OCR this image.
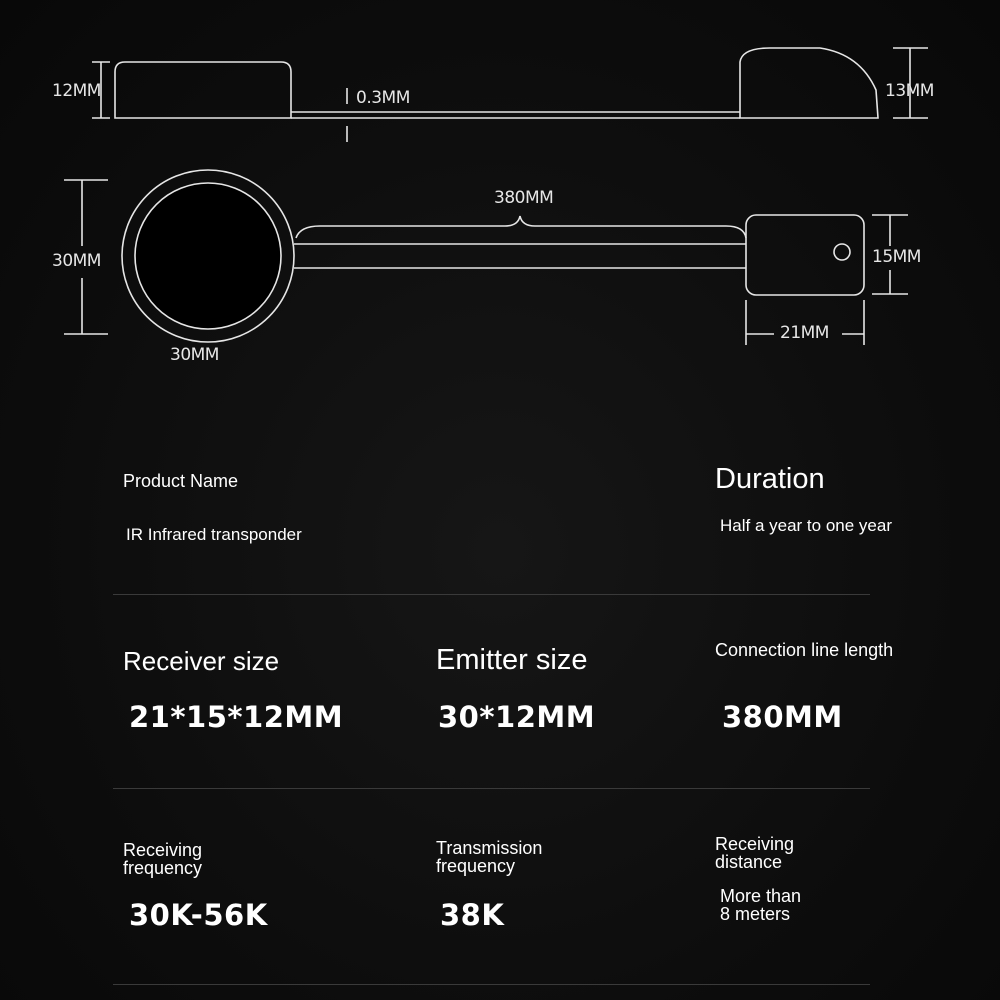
12MM	0.3MM	13MM
380MM
30MM
30MM
15MM
21MM
Product Name
IR Infrared transponder
Duration
Half a year to one year
Receiver size
21*15*12MM
Emitter size
30*12MM
Connection line length
380MM
Receiving
frequency
30K-56K
Transmission
frequency
38K
Receiving
distance
More than
8 meters
